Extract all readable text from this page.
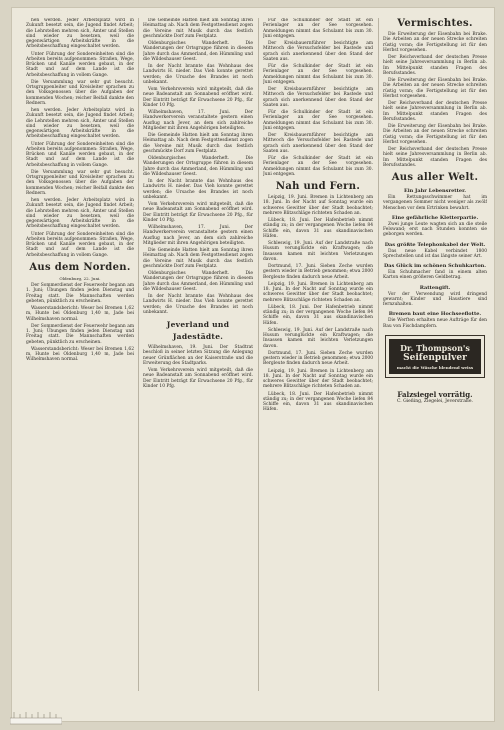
hen werden. Jeder Arbeitsplatz wird in Zukunft besetzt sein, die Jugend findet Arbeit; die Lehrstellen mehren sich, Ämter und Stellen sind wieder zu besetzen, weil die gegenwärtigen Arbeitskräfte in die Arbeitsbeschaffung eingeschaltet werden.

Unter Führung der Sondereinheiten sind die Arbeiten bereits aufgenommen: Straßen, Wege, Brücken und Kanäle werden gebaut, in der Stadt und auf dem Lande ist die Arbeitsbeschaffung in vollem Gange.

Die Versammlung war sehr gut besucht. Ortsgruppenleiter und Kreisleiter sprachen zu den Volksgenossen über die Aufgaben der kommenden Wochen; reicher Beifall dankte den Rednern.

hen werden. Jeder Arbeitsplatz wird in Zukunft besetzt sein, die Jugend findet Arbeit; die Lehrstellen mehren sich, Ämter und Stellen sind wieder zu besetzen, weil die gegenwärtigen Arbeitskräfte in die Arbeitsbeschaffung eingeschaltet werden.

Unter Führung der Sondereinheiten sind die Arbeiten bereits aufgenommen: Straßen, Wege, Brücken und Kanäle werden gebaut, in der Stadt und auf dem Lande ist die Arbeitsbeschaffung in vollem Gange.

Die Versammlung war sehr gut besucht. Ortsgruppenleiter und Kreisleiter sprachen zu den Volksgenossen über die Aufgaben der kommenden Wochen; reicher Beifall dankte den Rednern.

hen werden. Jeder Arbeitsplatz wird in Zukunft besetzt sein, die Jugend findet Arbeit; die Lehrstellen mehren sich, Ämter und Stellen sind wieder zu besetzen, weil die gegenwärtigen Arbeitskräfte in die Arbeitsbeschaffung eingeschaltet werden.

Unter Führung der Sondereinheiten sind die Arbeiten bereits aufgenommen: Straßen, Wege, Brücken und Kanäle werden gebaut, in der Stadt und auf dem Lande ist die Arbeitsbeschaffung in vollem Gange.

Aus dem Norden.
Oldenburg, 22. Juni.

Der Sommerdienst der Feuerwehr begann am 1. Juni; Übungen finden jeden Dienstag und Freitag statt. Die Mannschaften werden gebeten, pünktlich zu erscheinen.

Wasserstandsbericht: Weser bei Bremen 1,62 m, Hunte bei Oldenburg 1,40 m, Jade bei Wilhelmshaven normal.

Der Sommerdienst der Feuerwehr begann am 1. Juni; Übungen finden jeden Dienstag und Freitag statt. Die Mannschaften werden gebeten, pünktlich zu erscheinen.

Wasserstandsbericht: Weser bei Bremen 1,62 m, Hunte bei Oldenburg 1,40 m, Jade bei Wilhelmshaven normal.

Die Gemeinde Hatten hielt am Sonntag ihren Heimattag ab. Nach dem Festgottesdienst zogen die Vereine mit Musik durch das festlich geschmückte Dorf zum Festplatz.

Oldenburgisches Wanderheft. Die Wanderungen der Ortsgruppe führen in diesem Jahre durch das Ammerland, den Hümmling und die Wildeshauser Geest.

In der Nacht brannte das Wohnhaus des Landwirts H. nieder. Das Vieh konnte gerettet werden; die Ursache des Brandes ist noch unbekannt.

Vom Verkehrsverein wird mitgeteilt, daß die neue Badeanstalt am Sonnabend eröffnet wird. Der Eintritt beträgt für Erwachsene 20 Pfg., für Kinder 10 Pfg.

Wilhelmshaven, 17. Juni. Der Handwerkerverein veranstaltete gestern einen Ausflug nach Jever, an dem sich zahlreiche Mitglieder mit ihren Angehörigen beteiligten.

Die Gemeinde Hatten hielt am Sonntag ihren Heimattag ab. Nach dem Festgottesdienst zogen die Vereine mit Musik durch das festlich geschmückte Dorf zum Festplatz.

Oldenburgisches Wanderheft. Die Wanderungen der Ortsgruppe führen in diesem Jahre durch das Ammerland, den Hümmling und die Wildeshauser Geest.

In der Nacht brannte das Wohnhaus des Landwirts H. nieder. Das Vieh konnte gerettet werden; die Ursache des Brandes ist noch unbekannt.

Vom Verkehrsverein wird mitgeteilt, daß die neue Badeanstalt am Sonnabend eröffnet wird. Der Eintritt beträgt für Erwachsene 20 Pfg., für Kinder 10 Pfg.

Wilhelmshaven, 17. Juni. Der Handwerkerverein veranstaltete gestern einen Ausflug nach Jever, an dem sich zahlreiche Mitglieder mit ihren Angehörigen beteiligten.

Die Gemeinde Hatten hielt am Sonntag ihren Heimattag ab. Nach dem Festgottesdienst zogen die Vereine mit Musik durch das festlich geschmückte Dorf zum Festplatz.

Oldenburgisches Wanderheft. Die Wanderungen der Ortsgruppe führen in diesem Jahre durch das Ammerland, den Hümmling und die Wildeshauser Geest.

In der Nacht brannte das Wohnhaus des Landwirts H. nieder. Das Vieh konnte gerettet werden; die Ursache des Brandes ist noch unbekannt.

Jeverland und Jadestädte.

Wilhelmshaven, 19. Juni. Der Stadtrat beschloß in seiner letzten Sitzung die Anlegung neuer Grünflächen an der Kaiserstraße und die Erweiterung des Stadtparks.

Vom Verkehrsverein wird mitgeteilt, daß die neue Badeanstalt am Sonnabend eröffnet wird. Der Eintritt beträgt für Erwachsene 20 Pfg., für Kinder 10 Pfg.

Für die Schulkinder der Stadt ist ein Ferienlager an der See vorgesehen. Anmeldungen nimmt das Schulamt bis zum 30. Juni entgegen.

Der Kreisbauernführer besichtigte am Mittwoch die Versuchsfelder bei Rastede und sprach sich anerkennend über den Stand der Saaten aus.

Für die Schulkinder der Stadt ist ein Ferienlager an der See vorgesehen. Anmeldungen nimmt das Schulamt bis zum 30. Juni entgegen.

Der Kreisbauernführer besichtigte am Mittwoch die Versuchsfelder bei Rastede und sprach sich anerkennend über den Stand der Saaten aus.

Für die Schulkinder der Stadt ist ein Ferienlager an der See vorgesehen. Anmeldungen nimmt das Schulamt bis zum 30. Juni entgegen.

Der Kreisbauernführer besichtigte am Mittwoch die Versuchsfelder bei Rastede und sprach sich anerkennend über den Stand der Saaten aus.

Für die Schulkinder der Stadt ist ein Ferienlager an der See vorgesehen. Anmeldungen nimmt das Schulamt bis zum 30. Juni entgegen.

Nah und Fern.

Leipzig, 19. Juni. Bremen in Lichtenberg am 18. Juni. In der Nacht auf Sonntag wurde ein schweres Gewitter über der Stadt beobachtet; mehrere Blitzschläge richteten Schaden an.

Lübeck, 18. Juni. Der Hafenbetrieb nimmt ständig zu; in der vergangenen Woche liefen 84 Schiffe ein, davon 31 aus skandinavischen Häfen.

Schleswig, 19. Juni. Auf der Landstraße nach Husum verunglückte ein Kraftwagen; die Insassen kamen mit leichten Verletzungen davon.

Dortmund, 17. Juni. Sieben Zeche wurden gestern wieder in Betrieb genommen; etwa 2000 Bergleute finden dadurch neue Arbeit.

Leipzig, 19. Juni. Bremen in Lichtenberg am 18. Juni. In der Nacht auf Sonntag wurde ein schweres Gewitter über der Stadt beobachtet; mehrere Blitzschläge richteten Schaden an.

Lübeck, 18. Juni. Der Hafenbetrieb nimmt ständig zu; in der vergangenen Woche liefen 84 Schiffe ein, davon 31 aus skandinavischen Häfen.

Schleswig, 19. Juni. Auf der Landstraße nach Husum verunglückte ein Kraftwagen; die Insassen kamen mit leichten Verletzungen davon.

Dortmund, 17. Juni. Sieben Zeche wurden gestern wieder in Betrieb genommen; etwa 2000 Bergleute finden dadurch neue Arbeit.

Leipzig, 19. Juni. Bremen in Lichtenberg am 18. Juni. In der Nacht auf Sonntag wurde ein schweres Gewitter über der Stadt beobachtet; mehrere Blitzschläge richteten Schaden an.

Lübeck, 18. Juni. Der Hafenbetrieb nimmt ständig zu; in der vergangenen Woche liefen 84 Schiffe ein, davon 31 aus skandinavischen Häfen.

Vermischtes.

Die Erweiterung der Eisenbahn bei Brake. Die Arbeiten an der neuen Strecke schreiten rüstig voran; die Fertigstellung ist für den Herbst vorgesehen.

Der Reichsverband der deutschen Presse hielt seine Jahresversammlung in Berlin ab. Im Mittelpunkt standen Fragen des Berufsstandes.

Die Erweiterung der Eisenbahn bei Brake. Die Arbeiten an der neuen Strecke schreiten rüstig voran; die Fertigstellung ist für den Herbst vorgesehen.

Der Reichsverband der deutschen Presse hielt seine Jahresversammlung in Berlin ab. Im Mittelpunkt standen Fragen des Berufsstandes.

Die Erweiterung der Eisenbahn bei Brake. Die Arbeiten an der neuen Strecke schreiten rüstig voran; die Fertigstellung ist für den Herbst vorgesehen.

Der Reichsverband der deutschen Presse hielt seine Jahresversammlung in Berlin ab. Im Mittelpunkt standen Fragen des Berufsstandes.

Aus aller Welt.
Ein Jahr Lebensretter.

Ein Rettungsschwimmer hat im vergangenen Sommer nicht weniger als zwölf Menschen vor dem Ertrinken bewahrt.

Eine gefährliche Kletterpartie.

Zwei junge Leute wagten sich an die steile Felswand; erst nach Stunden konnten sie geborgen werden.

Das größte Telephonkabel der Welt.

Das neue Kabel verbindet 1800 Sprechstellen und ist das längste seiner Art.

Das Glück im schönen Schuhkarton.

Ein Schuhmacher fand in einem alten Karton einen größeren Geldbetrag.

Rattengift.

Vor der Verwendung wird dringend gewarnt; Kinder und Haustiere sind fernzuhalten.

Bremen baut eine Hochseeflotte.

Die Werften erhalten neue Aufträge für den Bau von Fischdampfern.

Dr. Thompson's
Seifenpulver
macht die Wäsche blendend weiss
Falzsiegel vorrätig.
C. Gießing, Ziegelei, Jeverstraße.
